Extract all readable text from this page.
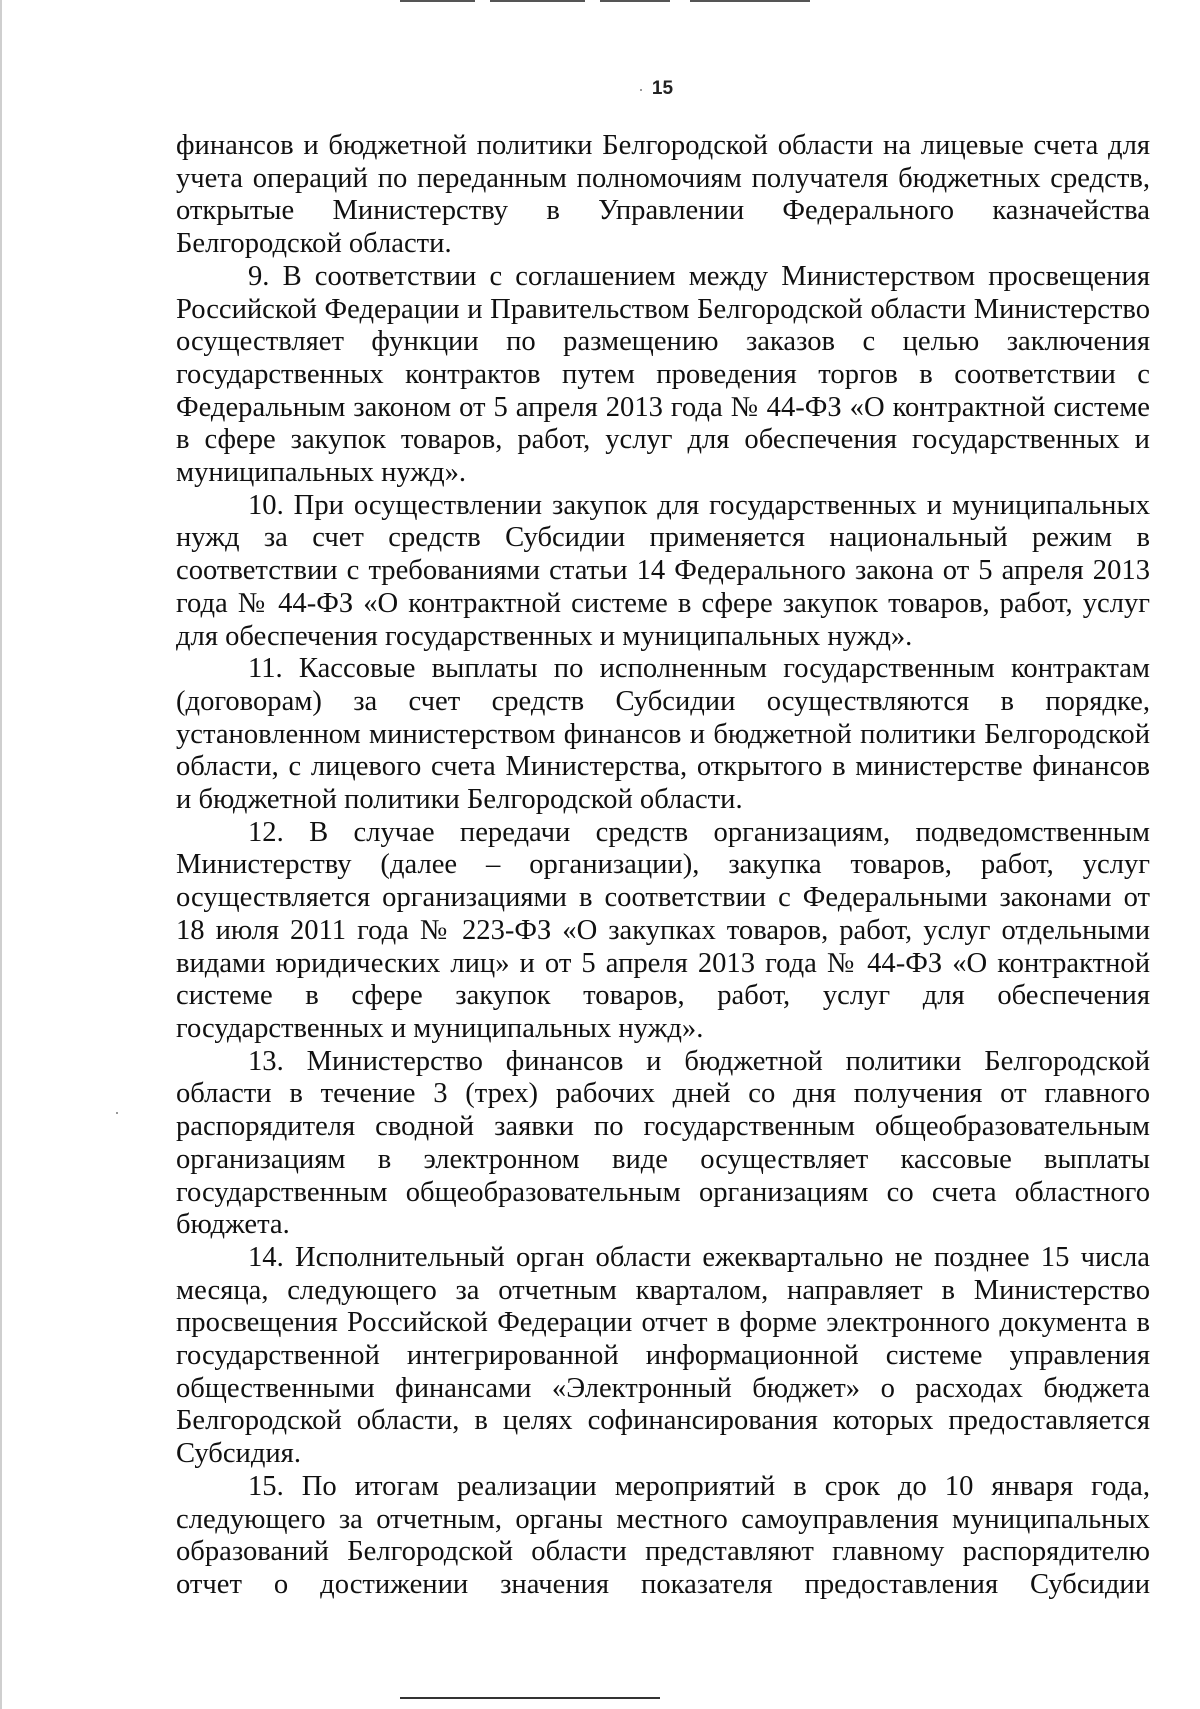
15

финансов и бюджетной политики Белгородской области на лицевые счета для учета операций по переданным полномочиям получателя бюджетных средств, открытые Министерству в Управлении Федерального казначейства Белгородской области.

9. В соответствии с соглашением между Министерством просвещения Российской Федерации и Правительством Белгородской области Министерство осуществляет функции по размещению заказов с целью заключения государственных контрактов путем проведения торгов в соответствии с Федеральным законом от 5 апреля 2013 года № 44-ФЗ «О контрактной системе в сфере закупок товаров, работ, услуг для обеспечения государственных и муниципальных нужд».

10. При осуществлении закупок для государственных и муниципальных нужд за счет средств Субсидии применяется национальный режим в соответствии с требованиями статьи 14 Федерального закона от 5 апреля 2013 года № 44-ФЗ «О контрактной системе в сфере закупок товаров, работ, услуг для обеспечения государственных и муниципальных нужд».

11. Кассовые выплаты по исполненным государственным контрактам (договорам) за счет средств Субсидии осуществляются в порядке, установленном министерством финансов и бюджетной политики Белгородской области, с лицевого счета Министерства, открытого в министерстве финансов и бюджетной политики Белгородской области.

12. В случае передачи средств организациям, подведомственным Министерству (далее – организации), закупка товаров, работ, услуг осуществляется организациями в соответствии с Федеральными законами от 18 июля 2011 года № 223-ФЗ «О закупках товаров, работ, услуг отдельными видами юридических лиц» и от 5 апреля 2013 года № 44-ФЗ «О контрактной системе в сфере закупок товаров, работ, услуг для обеспечения государственных и муниципальных нужд».

13. Министерство финансов и бюджетной политики Белгородской области в течение 3 (трех) рабочих дней со дня получения от главного распорядителя сводной заявки по государственным общеобразовательным организациям в электронном виде осуществляет кассовые выплаты государственным общеобразовательным организациям со счета областного бюджета.

14. Исполнительный орган области ежеквартально не позднее 15 числа месяца, следующего за отчетным кварталом, направляет в Министерство просвещения Российской Федерации отчет в форме электронного документа в государственной интегрированной информационной системе управления общественными финансами «Электронный бюджет» о расходах бюджета Белгородской области, в целях софинансирования которых предоставляется Субсидия.

15. По итогам реализации мероприятий в срок до 10 января года, следующего за отчетным, органы местного самоуправления муниципальных образований Белгородской области представляют главному распорядителю отчет о достижении значения показателя предоставления Субсидии
